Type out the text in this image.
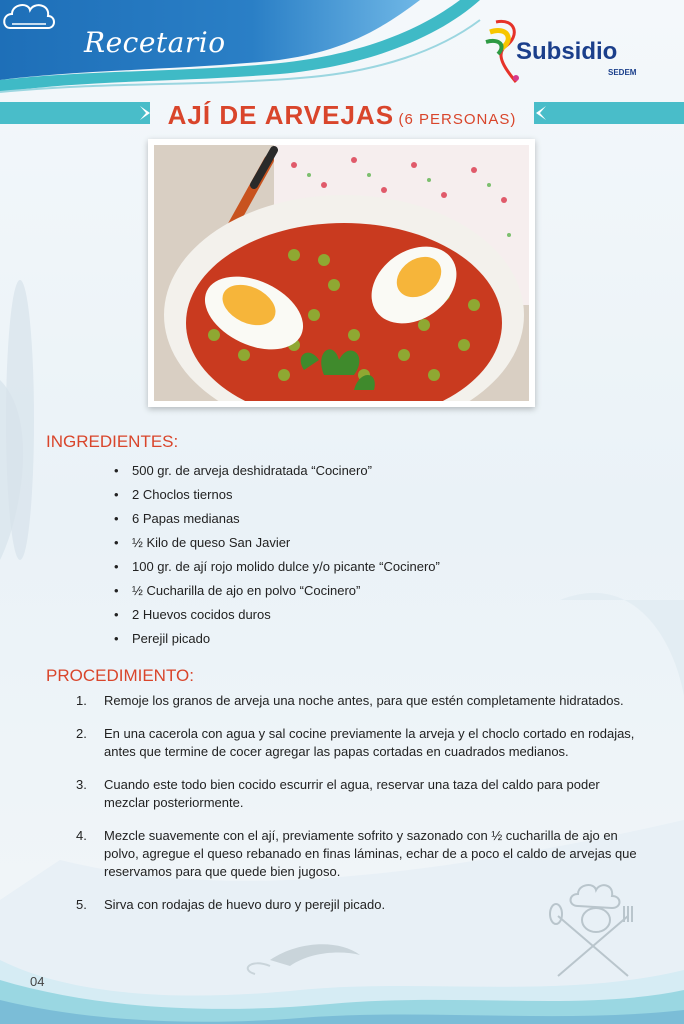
Recetario	Subsidio
SEDEM
AJÍ DE ARVEJAS (6 PERSONAS)
INGREDIENTES:
• 500 gr. de arveja deshidratada “Cocinero”
• 2 Choclos tiernos
• 6 Papas medianas
• ½ Kilo de queso San Javier
• 100 gr. de ají rojo molido dulce y/o picante “Cocinero”
• ½ Cucharilla de ajo en polvo “Cocinero”
• 2 Huevos cocidos duros
• Perejil picado
PROCEDIMIENTO:
1. Remoje los granos de arveja una noche antes, para que estén completamente hidratados.
2. En una cacerola con agua y sal cocine previamente la arveja y el choclo cortado en rodajas, antes que termine de cocer agregar las papas cortadas en cuadrados medianos.
3. Cuando este todo bien cocido escurrir el agua, reservar una taza del caldo para poder mezclar posteriormente.
4. Mezcle suavemente con el ají, previamente sofrito y sazonado con ½ cucharilla de ajo en polvo, agregue el queso rebanado en finas láminas, echar de a poco el caldo de arvejas que reservamos para que quede bien jugoso.
5. Sirva con rodajas de huevo duro y perejil picado.
04
